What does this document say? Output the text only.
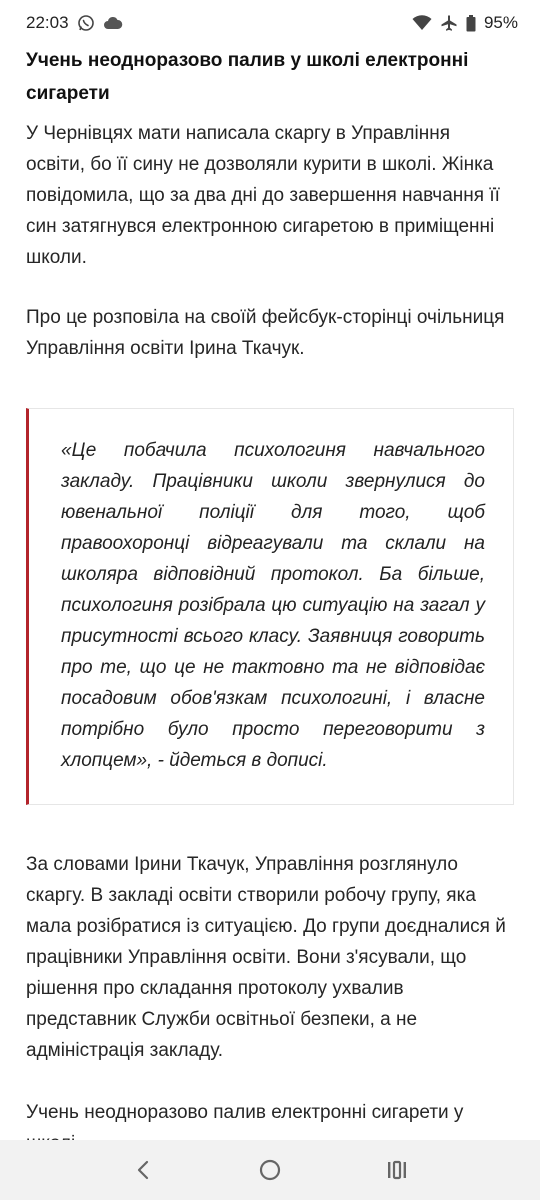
22:03	95%
Учень неодноразово палив у школі електронні сигарети

У Чернівцях мати написала скаргу в Управління освіти, бо її сину не дозволяли курити в школі. Жінка повідомила, що за два дні до завершення навчання її син затягнувся електронною сигаретою в приміщенні школи.

Про це розповіла на своїй фейсбук-сторінці очільниця Управління освіти Ірина Ткачук.

«Це побачила психологиня навчального закладу. Працівники школи звернулися до ювенальної поліції для того, щоб правоохоронці відреагували та склали на школяра відповідний протокол. Ба більше, психологиня розібрала цю ситуацію на загал у присутності всього класу. Заявниця говорить про те, що це не тактовно та не відповідає посадовим обов'язкам психологині, і власне потрібно було просто переговорити з хлопцем», - йдеться в дописі.

За словами Ірини Ткачук, Управління розглянуло скаргу. В закладі освіти створили робочу групу, яка мала розібратися із ситуацією. До групи доєдналися й працівники Управління освіти. Вони з'ясували, що рішення про складання протоколу ухвалив представник Служби освітньої безпеки, а не адміністрація закладу.

Учень неодноразово палив електронні сигарети у
